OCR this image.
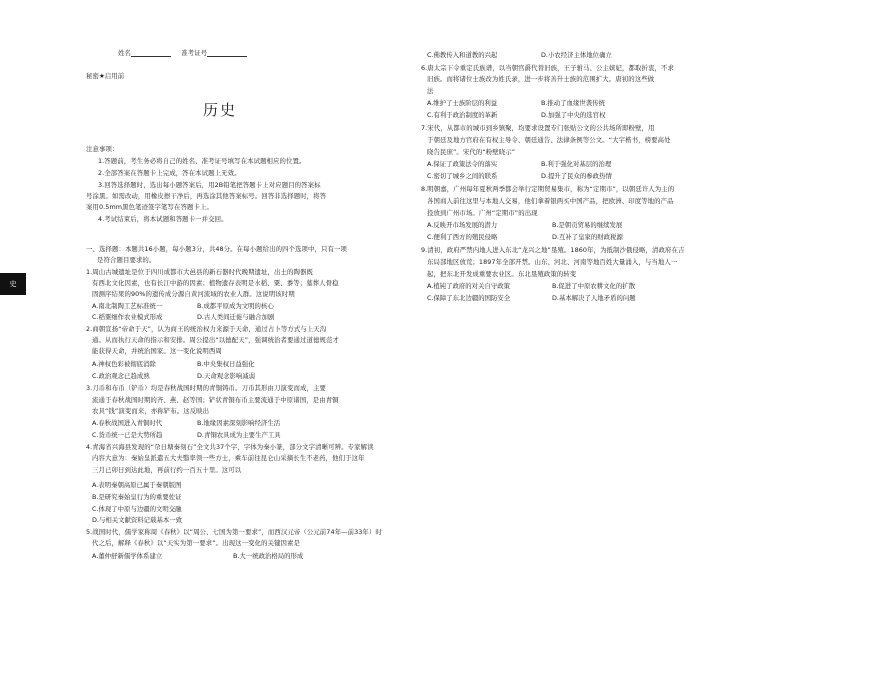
姓名	准考证号
秘密★启用前
历史
史
注意事项：
1.答题前，考生务必将自己的姓名、准考证号填写在本试题相应的位置。
2.全部答案在答题卡上完成，答在本试题上无效。
3.回答选择题时，选出每小题答案后，用2B铅笔把答题卡上对应题目的答案标
号涂黑。如需改动，用橡皮擦干净后，再选涂其他答案标号。回答非选择题时，将答
案用0.5mm黑色笔迹签字笔写在答题卡上。
4.考试结束后，将本试题和答题卡一并交回。
一、选择题：本题共16小题，每小题3分，共48分。在每小题给出的四个选项中，只有一项
是符合题目要求的。
1.周山古城遗址是位于四川成都市大邑县的新石器时代晚期遗址，出土的陶器既
有西北文化因素，也有长江中游的因素；植物遗存表明是水稻、粟、黍等；墓葬人骨稳
固测序结果的90%的遗传成分源自黄河流域的农业人群。这说明该时期
A.南北制陶工艺标准统一	B.成都平原成为文明的核心
C.稻粟细作农业模式形成	D.古人类间迁徙与融合加剧
2.商朝宣扬“帝命于天”，认为商王的统治权力来源于天命，通过占卜等方式与上天沟
通。从而执行天命的指示和安排。周公提出“以德配天”，强调统治者要通过道德规范才
能获得天命，并统治国家。这一变化说明西周
A.神权色彩被彻底消除	B.中央集权日益强化
C.政治观念已趋成熟	D.天命观念影响减弱
3.刀币和布币（铲币）均是春秋战国时期的青铜铸币。刀币其形由刀演变而成，主要
流通于春秋战国时期的齐、燕、赵等国；铲状青铜布币主要流通于中原诸国，是由青铜
农具“钱”演变而来，亦称铲布。这反映出
A.春秋战国进入青铜时代	B.地缘因素深刻影响经济生活
C.货币统一已是大势所趋	D.青铜农具成为主要生产工具
4.青海省兴海县发现的“尕日塘秦刻石”全文共37个字，字体为秦小篆，部分文字清晰可辨。专家解读
内容大意为：秦始皇派遣五大夫翳率领一些方士，乘车前往昆仑山采摘长生不老药，他们于这年
三月已卯日到达此地，再前行约一百五十里。这可以
A.表明秦朝高原已属于秦朝版图
B.是研究秦始皇行为的重要佐证
C.体现了中原与边疆的文明交融
D.与相关文献资料记载基本一致
5.战国时代，儒学家称周《春秋》以“周公、七国为第一要求”，而西汉元帝（公元前74年—前33年）时
代之后，解释《春秋》以“天实为第一要求”。出现这一变化的关键因素是
A.董仲舒新儒学体系建立	B.大一统政治格局的形成
C.佛教传入和道教的兴起	D.小农经济主体地位确立
6.唐太宗下令重定氏族谱，以当朝官爵代替旧族，王子驸马、公主嫔妃，都取折衷，不求
旧族。而将诸位士族改为姓氏录，进一步将善升士族的范围扩大。唐初的这些做
法
A.维护了士族阶层的利益	B.推动了血缘世袭传统
C.有利于政治制度的革新	D.加强了中央的选官权
7.宋代，从都市的城市到乡镇聚，均要求设置专门张贴公文的公共场所即粉壁，用
于朝廷及地方官府在有权主导令、朝廷通告、法律条例等公文。“大字楷书，榜要高处
晓告民庶”。宋代的“粉壁晓示”
A.保证了政策法令的落实	B.利于强化对基层的治理
C.密切了城乡之间的联系	D.提升了民众的参政热情
8.明朝嘉，广州每年夏秋两季都会举行定期贸易集市，称为“定期市”，以朝廷许人为主的
各国商人前往这里与本地人交易，他们拿着银两买中国产品，把欧洲、印度等地的产品
投放到广州市场。广州“定期市”的出现
A.反映开市场发展的潜力	B.是朝贡贸易的继续发展
C.便利了西方的殖民侵略	D.互补了皇家的财政税源
9.清初，政府严禁内地人进入东北“龙兴之地”垦殖。1860年，为抵制沙俄侵略，清政府在吉
东局部地区放荒；1897年全部开禁。山东、河北、河南等地百姓大量涌入，与当地人一
起，把东北开发成重要农业区。东北垦殖政策的转变
A.植钝了政府的对关自守政策	B.促进了中原农耕文化的扩散
C.保障了东北边疆的国防安全	D.基本解决了人地矛盾的问题
